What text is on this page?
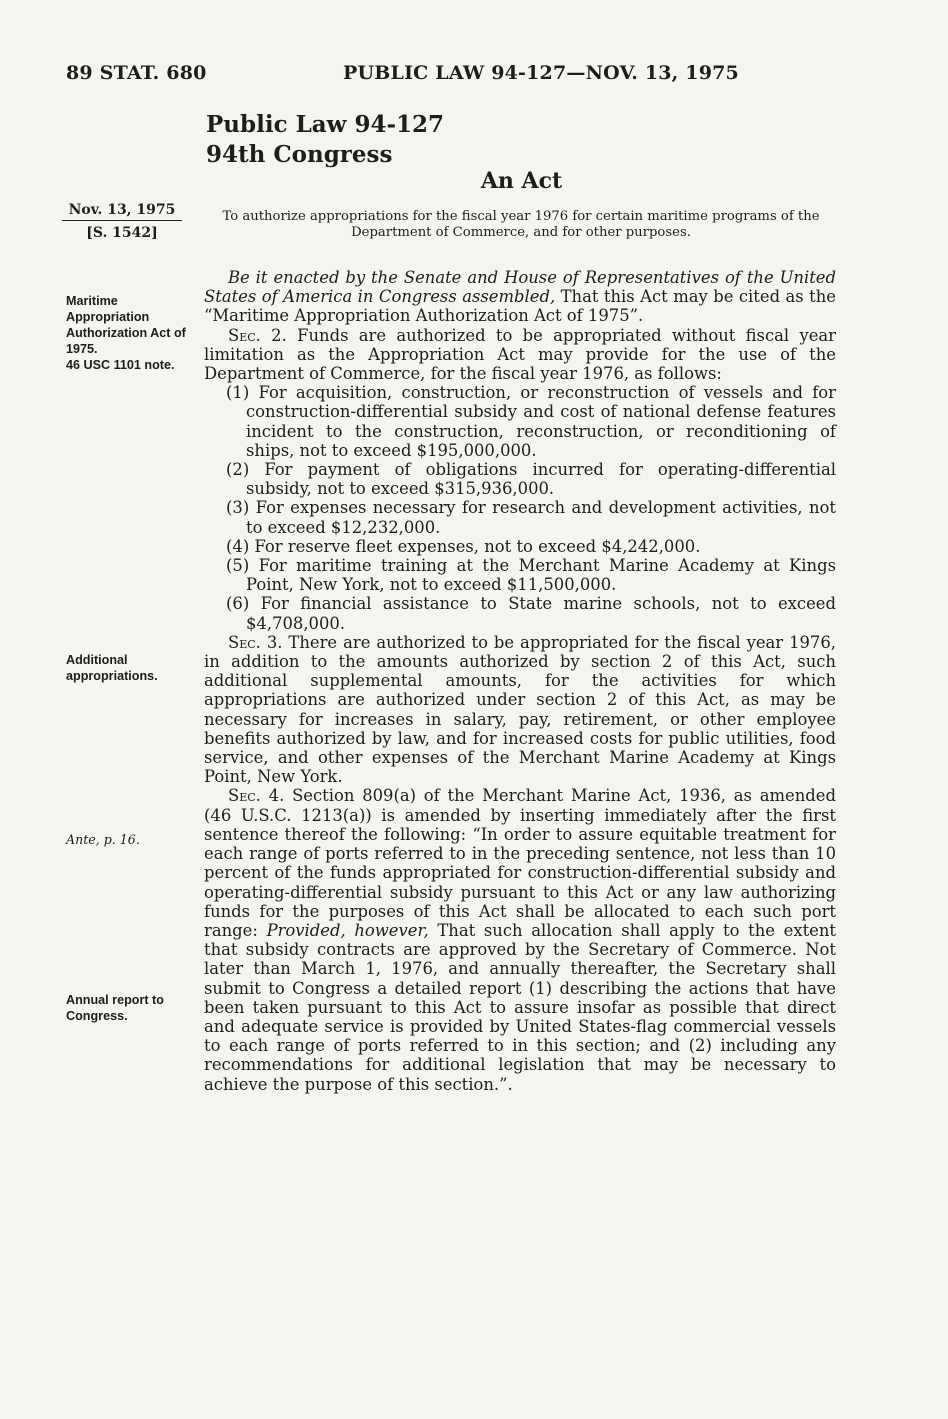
89 STAT. 680	PUBLIC LAW 94-127—NOV. 13, 1975
Public Law 94-127
94th Congress
An Act
Nov. 13, 1975
[S. 1542]
To authorize appropriations for the fiscal year 1976 for certain maritime programs of the Department of Commerce, and for other purposes.
Maritime Appropriation Authorization Act of 1975.
46 USC 1101 note.
Additional appropriations.
Ante, p. 16.
Annual report to Congress.

Be it enacted by the Senate and House of Representatives of the United States of America in Congress assembled, That this Act may be cited as the “Maritime Appropriation Authorization Act of 1975”.

Sec. 2. Funds are authorized to be appropriated without fiscal year limitation as the Appropriation Act may provide for the use of the Department of Commerce, for the fiscal year 1976, as follows:

(1) For acquisition, construction, or reconstruction of vessels and for construction-differential subsidy and cost of national defense features incident to the construction, reconstruction, or reconditioning of ships, not to exceed $195,000,000.

(2) For payment of obligations incurred for operating-differential subsidy, not to exceed $315,936,000.

(3) For expenses necessary for research and development activities, not to exceed $12,232,000.

(4) For reserve fleet expenses, not to exceed $4,242,000.

(5) For maritime training at the Merchant Marine Academy at Kings Point, New York, not to exceed $11,500,000.

(6) For financial assistance to State marine schools, not to exceed $4,708,000.

Sec. 3. There are authorized to be appropriated for the fiscal year 1976, in addition to the amounts authorized by section 2 of this Act, such additional supplemental amounts, for the activities for which appropriations are authorized under section 2 of this Act, as may be necessary for increases in salary, pay, retirement, or other employee benefits authorized by law, and for increased costs for public utilities, food service, and other expenses of the Merchant Marine Academy at Kings Point, New York.

Sec. 4. Section 809(a) of the Merchant Marine Act, 1936, as amended (46 U.S.C. 1213(a)) is amended by inserting immediately after the first sentence thereof the following: “In order to assure equitable treatment for each range of ports referred to in the preceding sentence, not less than 10 percent of the funds appropriated for construction-differential subsidy and operating-differential subsidy pursuant to this Act or any law authorizing funds for the purposes of this Act shall be allocated to each such port range: Provided, however, That such allocation shall apply to the extent that subsidy contracts are approved by the Secretary of Commerce. Not later than March 1, 1976, and annually thereafter, the Secretary shall submit to Congress a detailed report (1) describing the actions that have been taken pursuant to this Act to assure insofar as possible that direct and adequate service is provided by United States-flag commercial vessels to each range of ports referred to in this section; and (2) including any recommendations for additional legislation that may be necessary to achieve the purpose of this section.”.
